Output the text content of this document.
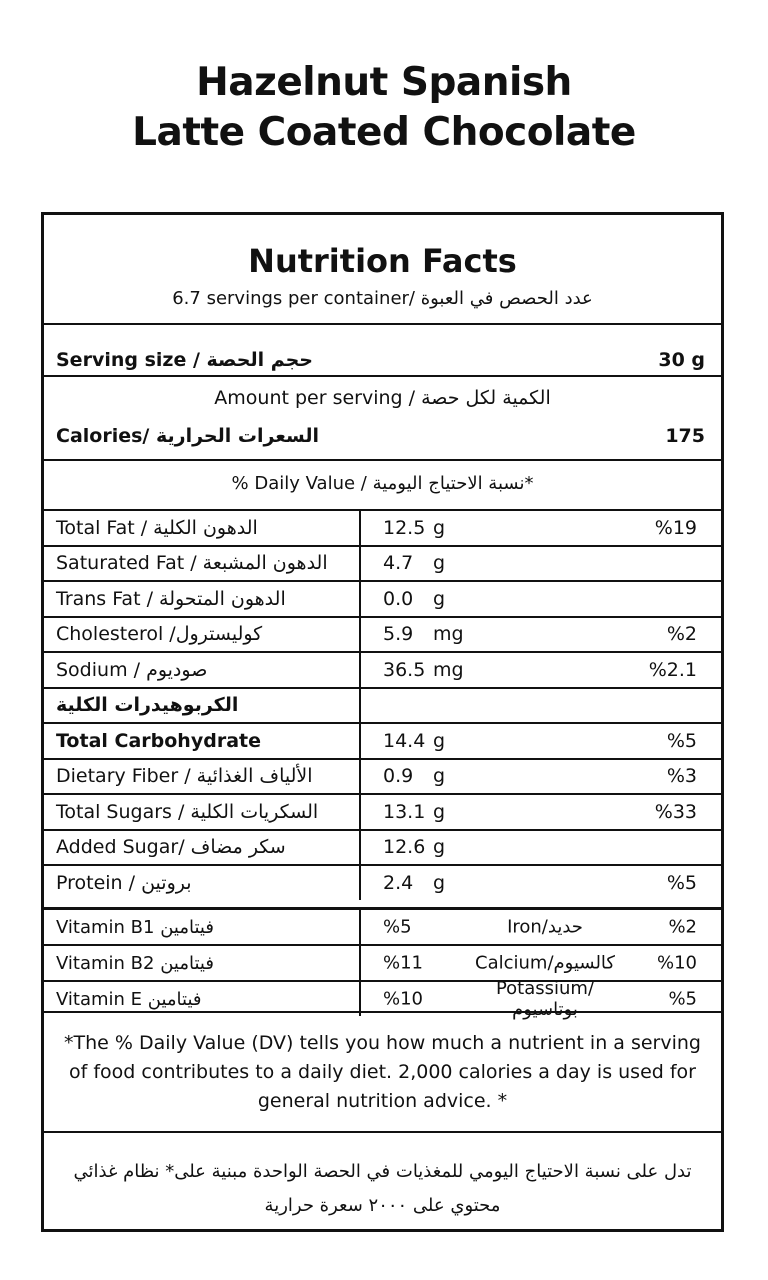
Hazelnut Spanish
Latte Coated Chocolate
Nutrition Facts
6.7 servings per container/ عدد الحصص في العبوة
Serving size / حجم الحصة	30 g
Amount per serving / الكمية لكل حصة
Calories/ السعرات الحرارية	175
% Daily Value / نسبة الاحتياج اليومية*
Total Fat / الدهون الكلية	12.5 g %19

Saturated Fat / الدهون المشبعة	4.7 g

Trans Fat / الدهون المتحولة	0.0 g

Cholesterol /كوليسترول	5.9 mg %2

Sodium / صوديوم	36.5 mg %2.1

الكربوهيدرات الكلية	

Total Carbohydrate	14.4 g %5

Dietary Fiber / الألياف الغذائية	0.9 g %3

Total Sugars / السكريات الكلية	13.1 g %33

Added Sugar/ سكر مضاف	12.6 g

Protein / بروتين	2.4 g %5
Vitamin B1 فيتامين	%5 Iron/حديد %2

Vitamin B2 فيتامين	%11 Calcium/كالسيوم %10

Vitamin E فيتامين	%10 Potassium/بوتاسيوم %5
*The % Daily Value (DV) tells you how much a nutrient in a serving of food contributes to a daily diet. 2,000 calories a day is used for general nutrition advice. *
تدل على نسبة الاحتياج اليومي للمغذيات في الحصة الواحدة مبنية على* نظام غذائي محتوي على ٢٠٠٠ سعرة حرارية
